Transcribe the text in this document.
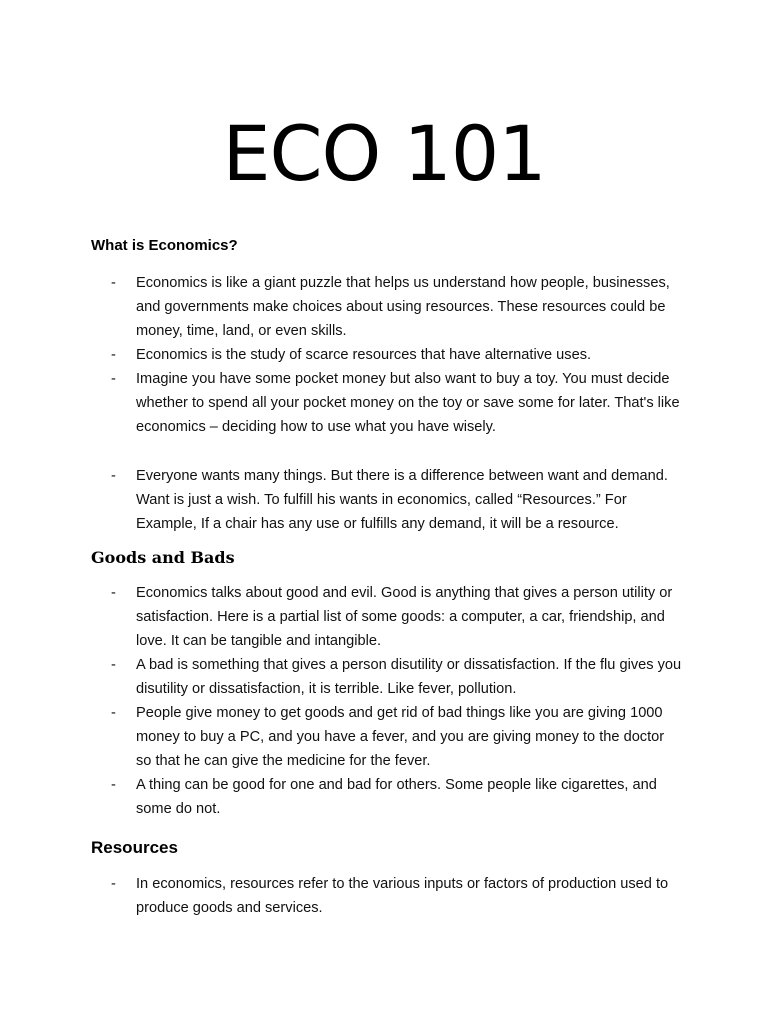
ECO 101
What is Economics?
- Economics is like a giant puzzle that helps us understand how people, businesses, and governments make choices about using resources. These resources could be money, time, land, or even skills.
- Economics is the study of scarce resources that have alternative uses.
- Imagine you have some pocket money but also want to buy a toy. You must decide whether to spend all your pocket money on the toy or save some for later. That's like economics – deciding how to use what you have wisely.
- Everyone wants many things. But there is a difference between want and demand. Want is just a wish. To fulfill his wants in economics, called “Resources.” For Example, If a chair has any use or fulfills any demand, it will be a resource.
Goods and Bads
- Economics talks about good and evil. Good is anything that gives a person utility or satisfaction. Here is a partial list of some goods: a computer, a car, friendship, and love. It can be tangible and intangible.
- A bad is something that gives a person disutility or dissatisfaction. If the flu gives you disutility or dissatisfaction, it is terrible. Like fever, pollution.
- People give money to get goods and get rid of bad things like you are giving 1000 money to buy a PC, and you have a fever, and you are giving money to the doctor so that he can give the medicine for the fever.
- A thing can be good for one and bad for others. Some people like cigarettes, and some do not.
Resources
- In economics, resources refer to the various inputs or factors of production used to produce goods and services.
